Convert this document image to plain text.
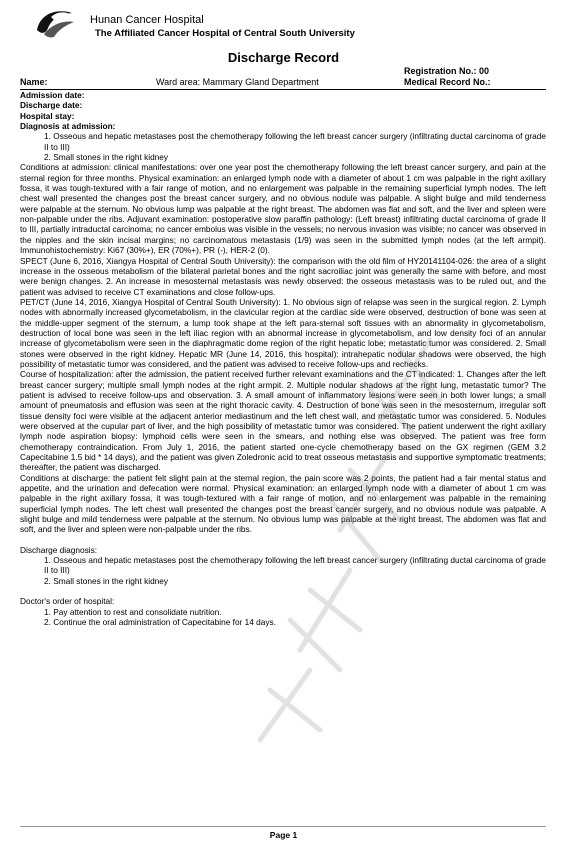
Hunan Cancer Hospital
The Affiliated Cancer Hospital of Central South University
Discharge Record
Registration No.: 00
Name:	Ward area: Mammary Gland Department	Medical Record No.:

Admission date:

Discharge date:

Hospital stay:

Diagnosis at admission:

1. Osseous and hepatic metastases post the chemotherapy following the left breast cancer surgery (infiltrating ductal carcinoma of grade II to III)

2. Small stones in the right kidney

Conditions at admission: clinical manifestations: over one year post the chemotherapy following the left breast cancer surgery, and pain at the sternal region for three months. Physical examination: an enlarged lymph node with a diameter of about 1 cm was palpable in the right axillary fossa, it was tough-textured with a fair range of motion, and no enlargement was palpable in the remaining superficial lymph nodes. The left chest wall presented the changes post the breast cancer surgery, and no obvious nodule was palpable. A slight bulge and mild tenderness were palpable at the sternum. No obvious lump was palpable at the right breast. The abdomen was flat and soft, and the liver and spleen were non-palpable under the ribs. Adjuvant examination: postoperative slow paraffin pathology: (Left breast) infiltrating ductal carcinoma of grade II to III, partially intraductal carcinoma; no cancer embolus was visible in the vessels; no nervous invasion was visible; no cancer was observed in the nipples and the skin incisal margins; no carcinomatous metastasis (1/9) was seen in the submitted lymph nodes (at the left armpit). Immunohistochemistry: Ki67 (30%+), ER (70%+), PR (-), HER-2 (0).

SPECT (June 6, 2016, Xiangya Hospital of Central South University): the comparison with the old film of HY20141104-026: the area of a slight increase in the osseous metabolism of the bilateral parietal bones and the right sacroiliac joint was generally the same with before, and most were benign changes. 2. An increase in mesosternal metastasis was newly observed: the osseous metastasis was to be ruled out, and the patient was advised to receive CT examinations and close follow-ups.

PET/CT (June 14, 2016, Xiangya Hospital of Central South University): 1. No obvious sign of relapse was seen in the surgical region. 2. Lymph nodes with abnormally increased glycometabolism, in the clavicular region at the cardiac side were observed, destruction of bone was seen at the middle-upper segment of the sternum, a lump took shape at the left para-sternal soft tissues with an abnormality in glycometabolism, destruction of local bone was seen in the left iliac region with an abnormal increase in glycometabolism, and low density foci of an annular increase of glycometabolism were seen in the diaphragmatic dome region of the right hepatic lobe; metastatic tumor was considered. 2. Small stones were observed in the right kidney. Hepatic MR (June 14, 2016, this hospital): intrahepatic nodular shadows were observed, the high possibility of metastatic tumor was considered, and the patient was advised to receive follow-ups and rechecks.

Course of hospitalization: after the admission, the patient received further relevant examinations and the CT indicated: 1. Changes after the left breast cancer surgery; multiple small lymph nodes at the right armpit. 2. Multiple nodular shadows at the right lung, metastatic tumor? The patient is advised to receive follow-ups and observation. 3. A small amount of inflammatory lesions were seen in both lower lungs; a small amount of pneumatosis and effusion was seen at the right thoracic cavity. 4. Destruction of bone was seen in the mesosternum, irregular soft tissue density foci were visible at the adjacent anterior mediastinum and the left chest wall, and metastatic tumor was considered. 5. Nodules were observed at the cupular part of liver, and the high possibility of metastatic tumor was considered. The patient underwent the right axillary lymph node aspiration biopsy: lymphoid cells were seen in the smears, and nothing else was observed. The patient was free form chemotherapy contraindication. From July 1, 2016, the patient started one-cycle chemotherapy based on the GX regimen (GEM 3.2 Capecitabine 1.5 bid * 14 days), and the patient was given Zoledronic acid to treat osseous metastasis and supportive symptomatic treatments; thereafter, the patient was discharged.

Conditions at discharge: the patient felt slight pain at the sternal region, the pain score was 2 points, the patient had a fair mental status and appetite, and the urination and defecation were normal. Physical examination: an enlarged lymph node with a diameter of about 1 cm was palpable in the right axillary fossa, it was tough-textured with a fair range of motion, and no enlargement was palpable in the remaining superficial lymph nodes. The left chest wall presented the changes post the breast cancer surgery, and no obvious nodule was palpable. A slight bulge and mild tenderness were palpable at the sternum. No obvious lump was palpable at the right breast. The abdomen was flat and soft, and the liver and spleen were non-palpable under the ribs.

Discharge diagnosis:

1. Osseous and hepatic metastases post the chemotherapy following the left breast cancer surgery (infiltrating ductal carcinoma of grade II to III)

2. Small stones in the right kidney

Doctor's order of hospital:

1. Pay attention to rest and consolidate nutrition.

2. Continue the oral administration of Capecitabine for 14 days.

Page 1
